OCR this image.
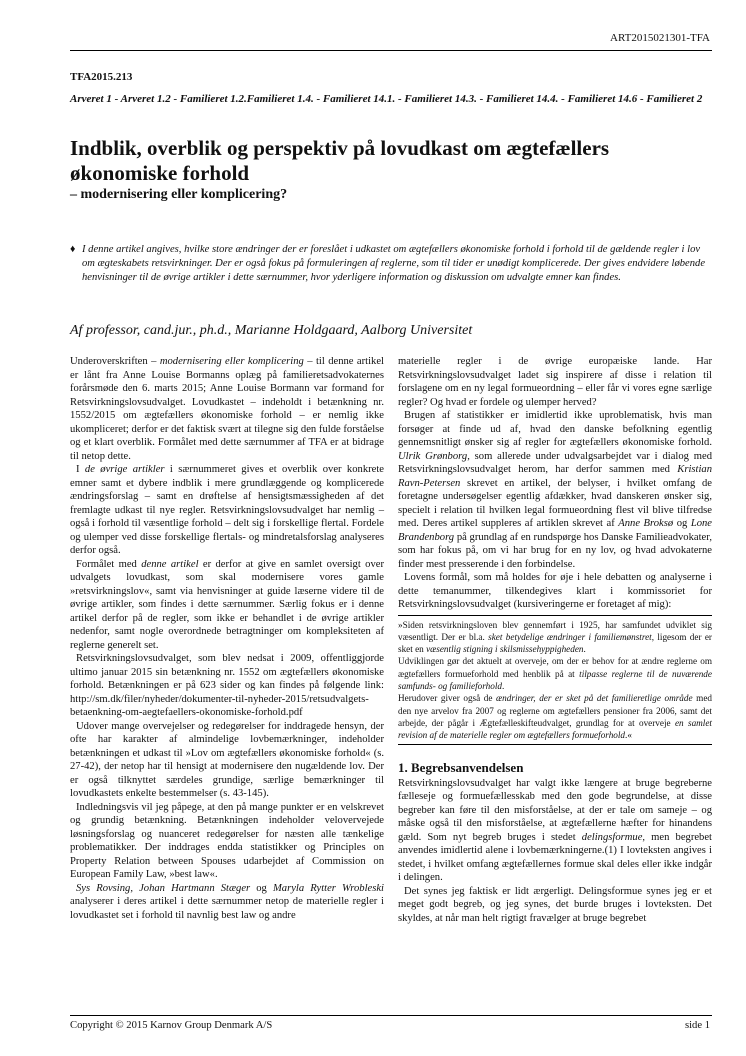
ART2015021301-TFA
TFA2015.213
Arveret 1 - Arveret 1.2 - Familieret 1.2.Familieret 1.4. - Familieret 14.1. - Familieret 14.3. - Familieret 14.4. - Familieret 14.6 - Familieret 2
Indblik, overblik og perspektiv på lovudkast om ægtefællers økonomiske forhold
– modernisering eller komplicering?
♦ I denne artikel angives, hvilke store ændringer der er foreslået i udkastet om ægtefællers økonomiske forhold i forhold til de gældende regler i lov om ægteskabets retsvirkninger. Der er også fokus på formuleringen af reglerne, som til tider er unødigt komplicerede. Der gives endvidere løbende henvisninger til de øvrige artikler i dette særnummer, hvor yderligere information og diskussion om udvalgte emner kan findes.
Af professor, cand.jur., ph.d., Marianne Holdgaard, Aalborg Universitet

Underoverskriften – modernisering eller komplicering – til denne artikel er lånt fra Anne Louise Bormanns oplæg på familieretsadvokaternes forårsmøde den 6. marts 2015; Anne Louise Bormann var formand for Retsvirkningslovsudvalget. Lovudkastet – indeholdt i betænkning nr. 1552/2015 om ægtefællers økonomiske forhold – er nemlig ikke ukompliceret; derfor er det faktisk svært at tilegne sig den fulde forståelse og et klart overblik. Formålet med dette særnummer af TFA er at bidrage til netop dette.

I de øvrige artikler i særnummeret gives et overblik over konkrete emner samt et dybere indblik i mere grundlæggende og komplicerede ændringsforslag – samt en drøftelse af hensigtsmæssigheden af det fremlagte udkast til nye regler. Retsvirkningslovsudvalget har nemlig – også i forhold til væsentlige forhold – delt sig i forskellige flertal. Fordele og ulemper ved disse forskellige flertals- og mindretalsforslag analyseres derfor også.

Formålet med denne artikel er derfor at give en samlet oversigt over udvalgets lovudkast, som skal modernisere vores gamle »retsvirkningslov«, samt via henvisninger at guide læserne videre til de øvrige artikler, som findes i dette særnummer. Særlig fokus er i denne artikel derfor på de regler, som ikke er behandlet i de øvrige artikler nedenfor, samt nogle overordnede betragtninger om kompleksiteten af reglerne generelt set.

Retsvirkningslovsudvalget, som blev nedsat i 2009, offentliggjorde ultimo januar 2015 sin betænkning nr. 1552 om ægtefællers økonomiske forhold. Betænkningen er på 623 sider og kan findes på følgende link: http://sm.dk/filer/nyheder/dokumenter-til-nyheder-2015/retsudvalgets-betaenkning-om-aegtefaellers-okonomiske-forhold.pdf

Udover mange overvejelser og redegørelser for inddragede hensyn, der ofte har karakter af almindelige lovbemærkninger, indeholder betænkningen et udkast til »Lov om ægtefællers økonomiske forhold« (s. 27-42), der netop har til hensigt at modernisere den nugældende lov. Der er også tilknyttet særdeles grundige, særlige bemærkninger til lovudkastets enkelte bestemmelser (s. 43-145).

Indledningsvis vil jeg påpege, at den på mange punkter er en velskrevet og grundig betænkning. Betænkningen indeholder velovervejede løsningsforslag og nuanceret redegørelser for næsten alle tænkelige problematikker. Der inddrages endda statistikker og Principles on Property Relation between Spouses udarbejdet af Commission on European Family Law, »best law«.

Sys Rovsing, Johan Hartmann Stæger og Maryla Rytter Wrobleski analyserer i deres artikel i dette særnummer netop de materielle regler i lovudkastet set i forhold til navnlig best law og andre

materielle regler i de øvrige europæiske lande. Har Retsvirkningslovsudvalget ladet sig inspirere af disse i relation til forslagene om en ny legal formueordning – eller får vi vores egne særlige regler? Og hvad er fordele og ulemper herved?

Brugen af statistikker er imidlertid ikke uproblematisk, hvis man forsøger at finde ud af, hvad den danske befolkning egentlig gennemsnitligt ønsker sig af regler for ægtefællers økonomiske forhold. Ulrik Grønborg, som allerede under udvalgsarbejdet var i dialog med Retsvirkningslovsudvalget herom, har derfor sammen med Kristian Ravn-Petersen skrevet en artikel, der belyser, i hvilket omfang de foretagne undersøgelser egentlig afdækker, hvad danskeren ønsker sig, specielt i relation til hvilken legal formueordning flest vil blive tilfredse med. Deres artikel suppleres af artiklen skrevet af Anne Broksø og Lone Brandenborg på grundlag af en rundspørge hos Danske Familieadvokater, som har fokus på, om vi har brug for en ny lov, og hvad advokaterne finder mest presserende i den forbindelse.

Lovens formål, som må holdes for øje i hele debatten og analyserne i dette temanummer, tilkendegives klart i kommissoriet for Retsvirkningslovsudvalget (kursiveringerne er foretaget af mig):

»Siden retsvirkningsloven blev gennemført i 1925, har samfundet udviklet sig væsentligt. Der er bl.a. sket betydelige ændringer i familiemønstret, ligesom der er sket en væsentlig stigning i skilsmissehyppigheden.

Udviklingen gør det aktuelt at overveje, om der er behov for at ændre reglerne om ægtefællers formueforhold med henblik på at tilpasse reglerne til de nuværende samfunds- og familieforhold.

Herudover giver også de ændringer, der er sket på det familieretlige område med den nye arvelov fra 2007 og reglerne om ægtefællers pensioner fra 2006, samt det arbejde, der pågår i Ægtefælleskifteudvalget, grundlag for at overveje en samlet revision af de materielle regler om ægtefællers formueforhold.«

1. Begrebsanvendelsen

Retsvirkningslovsudvalget har valgt ikke længere at bruge begreberne fælleseje og formuefællesskab med den gode begrundelse, at disse begreber kan føre til den misforståelse, at der er tale om sameje – og måske også til den misforståelse, at ægtefællerne hæfter for hinandens gæld. Som nyt begreb bruges i stedet delingsformue, men begrebet anvendes imidlertid alene i lovbemærkningerne.(1) I lovteksten angives i stedet, i hvilket omfang ægtefællernes formue skal deles eller ikke indgår i delingen.

Det synes jeg faktisk er lidt ærgerligt. Delingsformue synes jeg er et meget godt begreb, og jeg synes, det burde bruges i lovteksten. Det skyldes, at når man helt rigtigt fravælger at bruge begrebet

Copyright © 2015 Karnov Group Denmark A/S	side 1
